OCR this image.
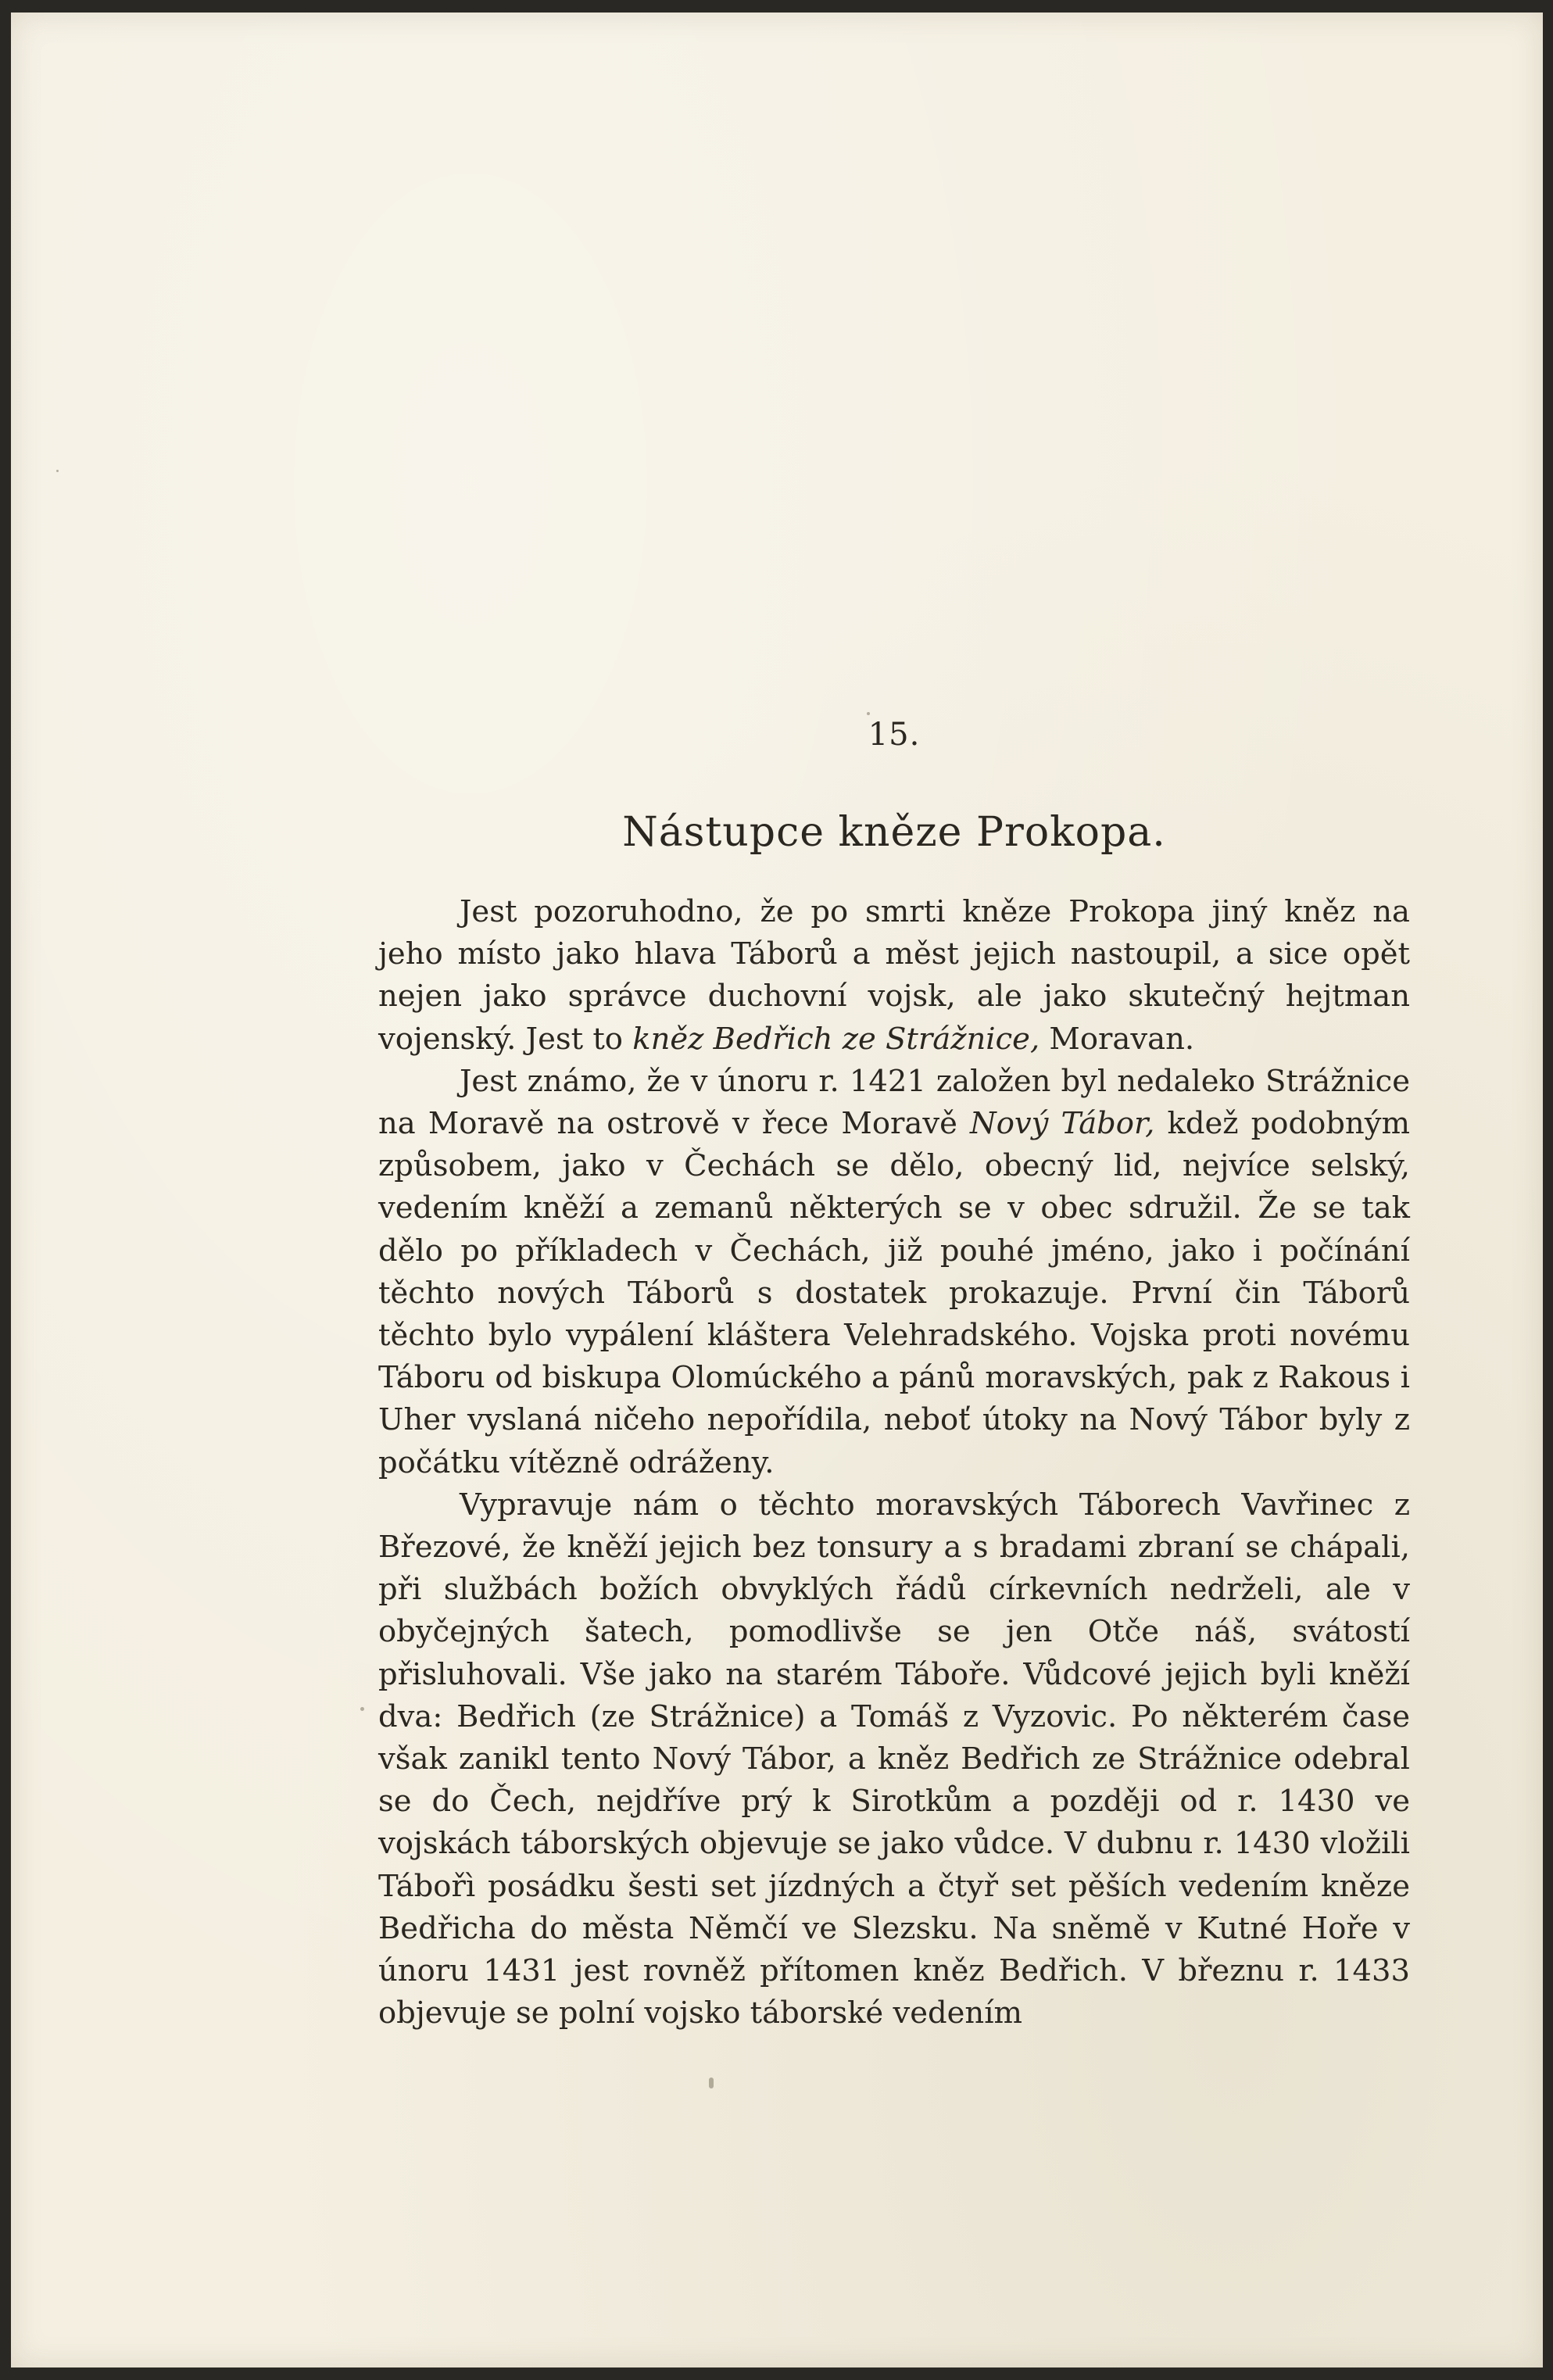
15.
Nástupce kněze Prokopa.

Jest pozoruhodno, že po smrti kněze Prokopa jiný kněz na jeho místo jako hlava Táborů a měst jejich nastoupil, a sice opět nejen jako správce duchovní vojsk, ale jako skutečný hejtman vojenský. Jest to kněz Bedřich ze Strážnice, Moravan.

Jest známo, že v únoru r. 1421 založen byl nedaleko Strážnice na Moravě na ostrově v řece Moravě Nový Tábor, kdež podobným způsobem, jako v Čechách se dělo, obecný lid, nejvíce selský, vedením kněží a zemanů některých se v obec sdružil. Že se tak dělo po příkladech v Čechách, již pouhé jméno, jako i počínání těchto nových Táborů s dostatek prokazuje. První čin Táborů těchto bylo vypálení kláštera Velehradského. Vojska proti novému Táboru od biskupa Olomúckého a pánů moravských, pak z Rakous i Uher vyslaná ničeho nepořídila, neboť útoky na Nový Tábor byly z počátku vítězně odráženy.

Vypravuje nám o těchto moravských Táborech Vavřinec z Březové, že kněží jejich bez tonsury a s bradami zbraní se chápali, při službách božích obvyklých řádů církevních nedrželi, ale v obyčejných šatech, pomodlivše se jen Otče náš, svátostí přisluhovali. Vše jako na starém Táboře. Vůdcové jejich byli kněží dva: Bedřich (ze Strážnice) a Tomáš z Vyzovic. Po některém čase však zanikl tento Nový Tábor, a kněz Bedřich ze Strážnice odebral se do Čech, nejdříve prý k Sirotkům a později od r. 1430 ve vojskách táborských objevuje se jako vůdce. V dubnu r. 1430 vložili Tábořì posádku šesti set jízdných a čtyř set pěších vedením kněze Bedřicha do města Němčí ve Slezsku. Na sněmě v Kutné Hoře v únoru 1431 jest rovněž přítomen kněz Bedřich. V březnu r. 1433 objevuje se polní vojsko táborské vedením
